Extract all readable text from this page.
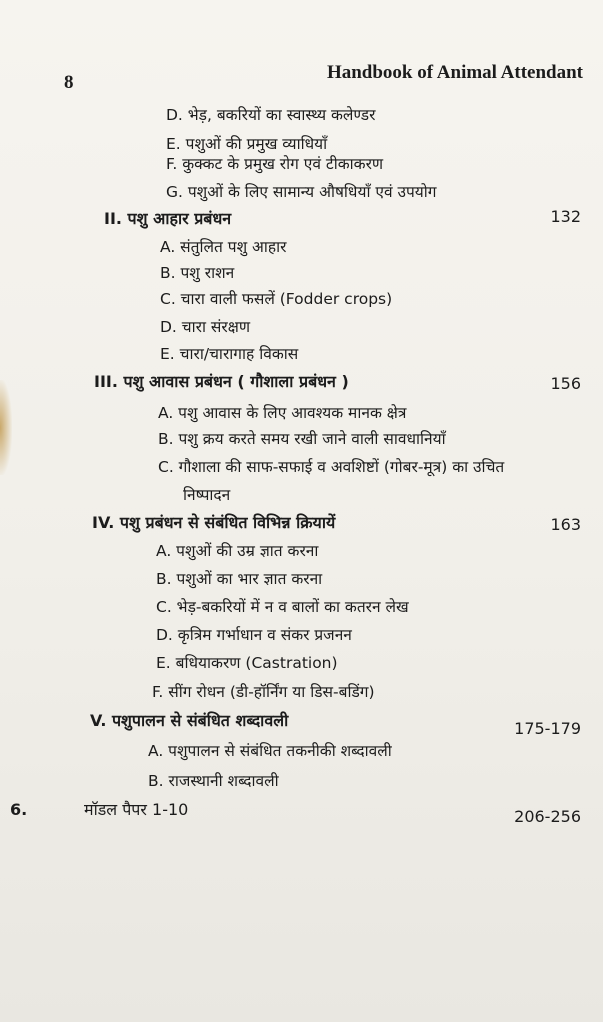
8	Handbook of Animal Attendant
D. भेड़, बकरियों का स्वास्थ्य कलेण्डर
E. पशुओं की प्रमुख व्याधियाँ
F. कुक्कट के प्रमुख रोग एवं टीकाकरण
G. पशुओं के लिए सामान्य औषधियाँ एवं उपयोग
II. पशु आहार प्रबंधन	132
A. संतुलित पशु आहार
B. पशु राशन
C. चारा वाली फसलें (Fodder crops)
D. चारा संरक्षण
E. चारा/चारागाह विकास
III. पशु आवास प्रबंधन ( गौशाला प्रबंधन )	156
A. पशु आवास के लिए आवश्यक मानक क्षेत्र
B. पशु क्रय करते समय रखी जाने वाली सावधानियाँ
C. गौशाला की साफ-सफाई व अवशिष्टों (गोबर-मूत्र) का उचित
निष्पादन
IV. पशु प्रबंधन से संबंधित विभिन्न क्रियायें	163
A. पशुओं की उम्र ज्ञात करना
B. पशुओं का भार ज्ञात करना
C. भेड़-बकरियों में न व बालों का कतरन लेख
D. कृत्रिम गर्भाधान व संकर प्रजनन
E. बधियाकरण (Castration)
F. सींग रोधन (डी-हॉर्निंग या डिस-बडिंग)
V. पशुपालन से संबंधित शब्दावली	175-179
A. पशुपालन से संबंधित तकनीकी शब्दावली
B. राजस्थानी शब्दावली
6.	मॉडल पैपर 1-10	206-256
